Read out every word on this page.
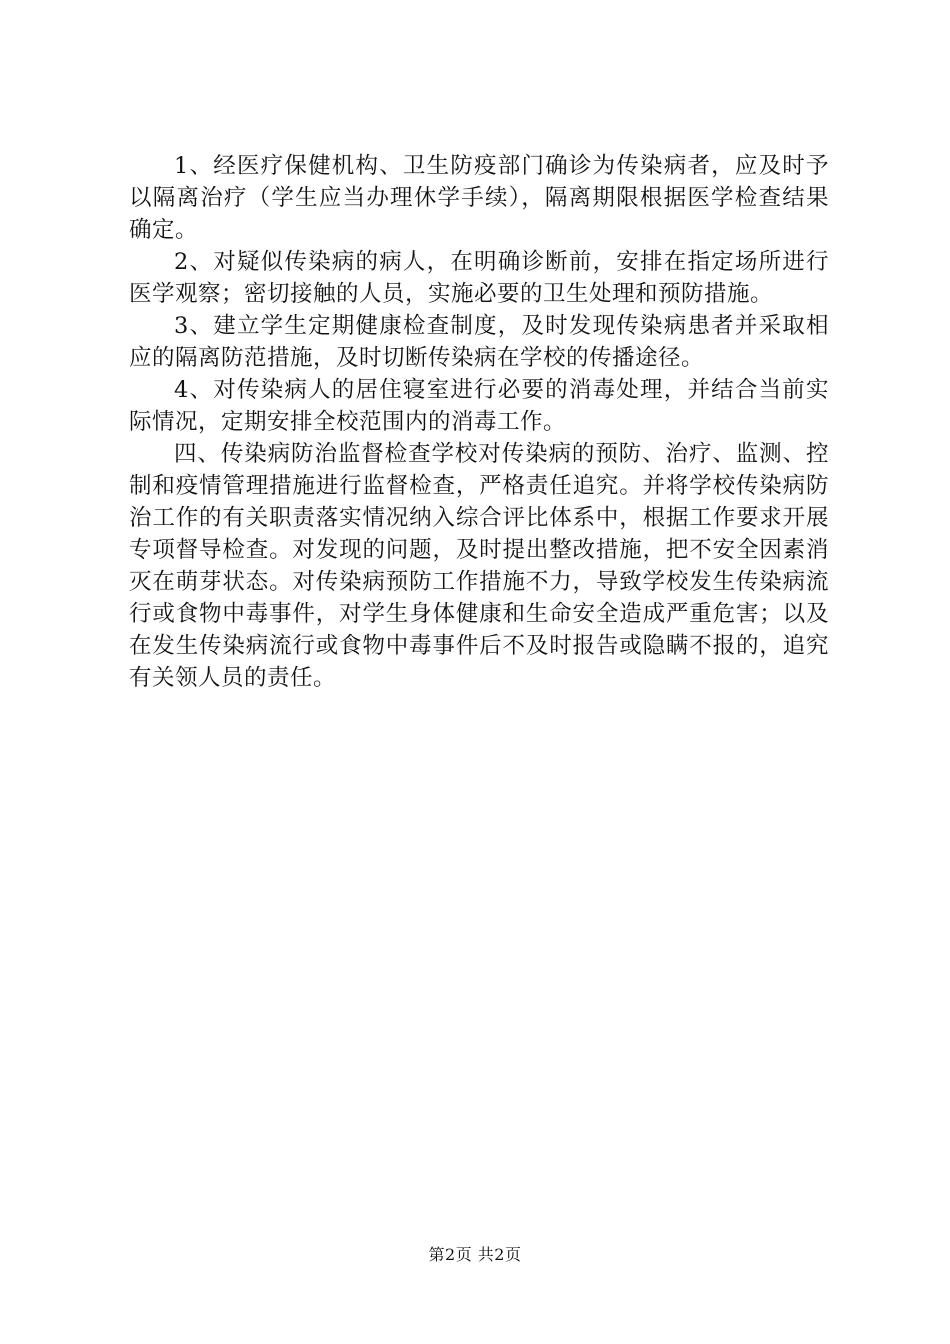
1、经医疗保健机构、卫生防疫部门确诊为传染病者，应及时予以隔离治疗（学生应当办理休学手续），隔离期限根据医学检查结果确定。

2、对疑似传染病的病人，在明确诊断前，安排在指定场所进行医学观察；密切接触的人员，实施必要的卫生处理和预防措施。

3、建立学生定期健康检查制度，及时发现传染病患者并采取相应的隔离防范措施，及时切断传染病在学校的传播途径。

4、对传染病人的居住寝室进行必要的消毒处理，并结合当前实际情况，定期安排全校范围内的消毒工作。

四、传染病防治监督检查学校对传染病的预防、治疗、监测、控制和疫情管理措施进行监督检查，严格责任追究。并将学校传染病防治工作的有关职责落实情况纳入综合评比体系中，根据工作要求开展专项督导检查。对发现的问题，及时提出整改措施，把不安全因素消灭在萌芽状态。对传染病预防工作措施不力，导致学校发生传染病流行或食物中毒事件，对学生身体健康和生命安全造成严重危害；以及在发生传染病流行或食物中毒事件后不及时报告或隐瞒不报的，追究有关领人员的责任。

第2页 共2页
